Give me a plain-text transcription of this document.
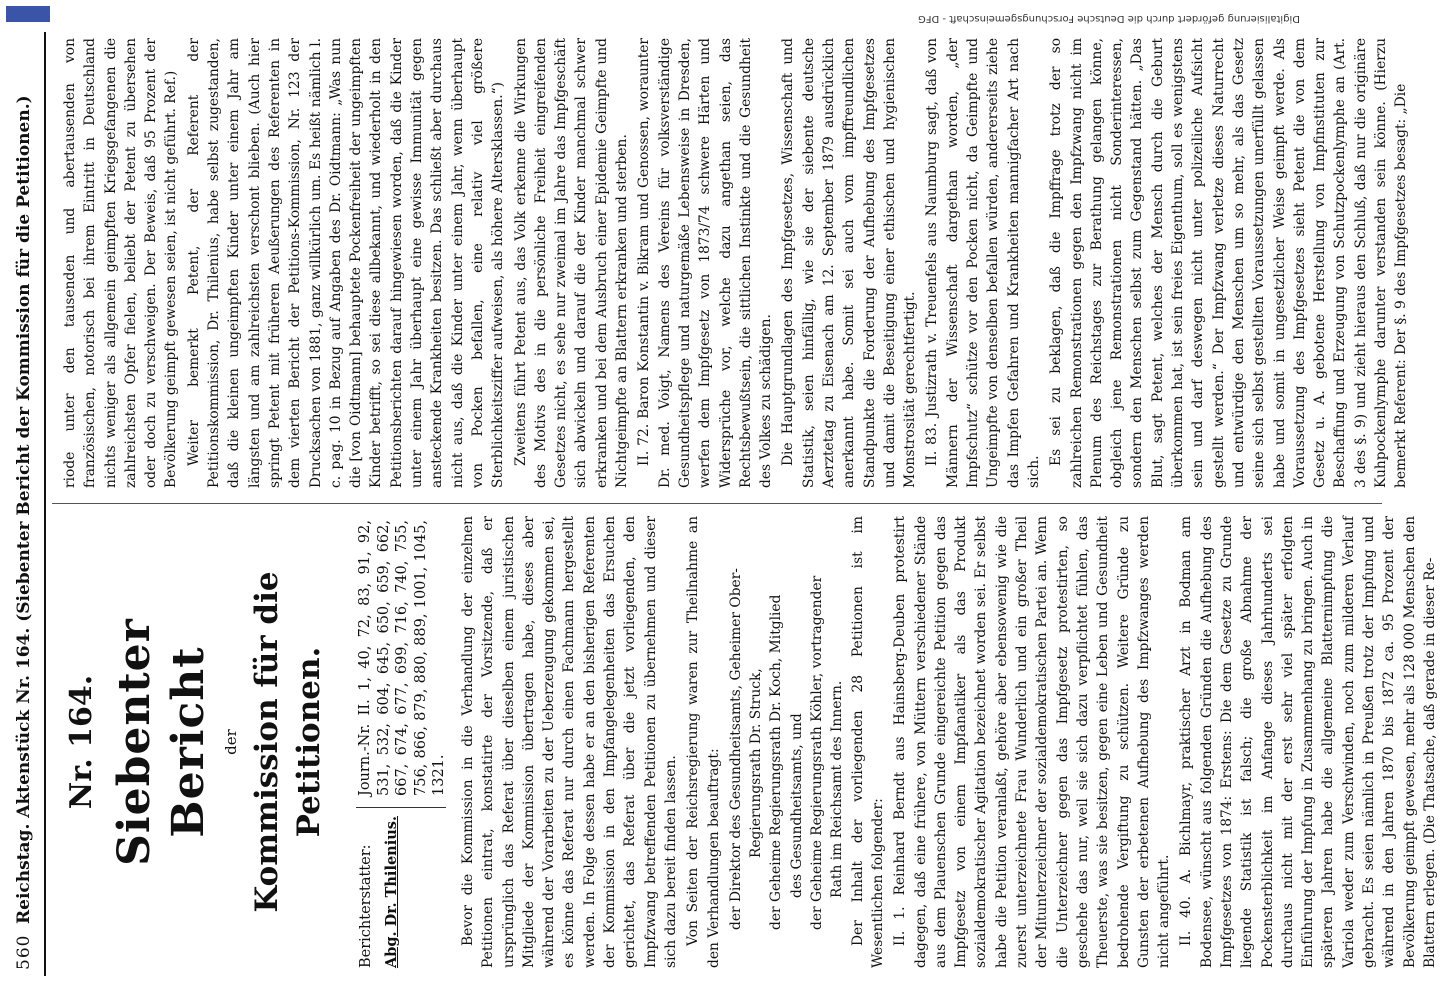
Digitalisierung gefördert durch die Deutsche Forschungsgemeinschaft - DFG
560
Reichstag. Aktenstück Nr. 164. (Siebenter Bericht der Kommission für die Petitionen.) Nr. 164. Siebenter Bericht der Kommission für die Petitionen.
Berichterstatter: Abg. Dr. Thilenius.
Journ.-Nr. II. 1, 40, 72, 83, 91, 92, 531, 532, 604, 645, 650, 659, 662, 667, 674, 677, 699, 716, 740, 755, 756, 866, 879, 880, 889, 1001, 1045, 1321. Bevor die Kommission in die Verhandlung der einzelnen Petitionen eintrat, konstatirte der Vorsitzende, daß er ursprünglich das Referat über dieselben einem juristischen Mitgliede der Kommission übertragen habe, dieses aber während der Vorarbeiten zu der Ueberzeugung gekommen sei, es könne das Referat nur durch einen Fachmann hergestellt werden. In Folge dessen habe er an den bisherigen Referenten der Kommission in den Impfangelegenheiten das Ersuchen gerichtet, das Referat über die jetzt vorliegenden, den Impfzwang betreffenden Petitionen zu übernehmen und dieser sich dazu bereit finden lassen. Von Seiten der Reichsregierung waren zur Theilnahme an den Verhandlungen beauftragt: der Direktor des Gesundheitsamts, Geheimer Ober- Regierungsrath Dr. Struck, der Geheime Regierungsrath Dr. Koch, Mitglied des Gesundheitsamts, und der Geheime Regierungsrath Köhler, vortragender Rath im Reichsamt des Innern. Der Inhalt der vorliegenden 28 Petitionen ist im Wesentlichen folgender: II. 1. Reinhard Berndt aus Hainsberg-Deuben protestirt dagegen, daß eine frühere, von Müttern verschiedener Stände aus dem Plauenschen Grunde eingereichte Petition gegen das Impfgesetz von einem Impfanatiker als das Produkt sozialdemokratischer Agitation bezeichnet worden sei. Er selbst habe die Petition veranlaßt, gehöre aber ebensowenig wie die zuerst unterzeichnete Frau Wunderlich und ein großer Theil der Mitunterzeichner der sozialdemokratischen Partei an. Wenn die Unterzeichner gegen das Impfgesetz protestirten, so geschehe das nur, weil sie sich dazu verpflichtet fühlen, das Theuerste, was sie besitzen, gegen eine Leben und Gesundheit bedrohende Vergiftung zu schützen. Weitere Gründe zu Gunsten der erbetenen Aufhebung des Impfzwanges werden nicht angeführt. II. 40. A. Bichlmayr, praktischer Arzt in Bodman am Bodensee, wünscht aus folgenden Gründen die Aufhebung des Impfgesetzes von 1874: Erstens: Die dem Gesetze zu Grunde liegende Statistik ist falsch; die große Abnahme der Pockensterblichkeit im Anfange dieses Jahrhunderts sei durchaus nicht mit der erst sehr viel später erfolgten Einführung der Impfung in Zusammenhang zu bringen. Auch in späteren Jahren habe die allgemeine Blatternimpfung die Variola weder zum Verschwinden, noch zum milderen Verlauf gebracht. Es seien nämlich in Preußen trotz der Impfung und während in den Jahren 1870 bis 1872 ca. 95 Prozent der Bevölkerung geimpft gewesen, mehr als 128 000 Menschen den Blattern erlegen. (Die Thatsache, daß gerade in dieser Re-

riode unter den tausenden und abertausenden von französischen, notorisch bei ihrem Eintritt in Deutschland nichts weniger als allgemein geimpften Kriegsgefangenen die zahlreichsten Opfer fielen, beliebt der Petent zu übersehen oder doch zu verschweigen. Der Beweis, daß 95 Prozent der Bevölkerung geimpft gewesen seien, ist nicht geführt. Ref.) Weiter bemerkt Petent, der Referent der Petitionskommission, Dr. Thilenius, habe selbst zugestanden, daß die kleinen ungeimpften Kinder unter einem Jahr am längsten und am zahlreichsten verschont blieben. (Auch hier springt Petent mit früheren Aeußerungen des Referenten in dem vierten Bericht der Petitions-Kommission, Nr. 123 der Drucksachen von 1881, ganz willkürlich um. Es heißt nämlich l. c. pag. 10 in Bezug auf Angaben des Dr. Oidtmann: „Was nun die [von Oidtmann] behauptete Pockenfreiheit der ungeimpften Kinder betrifft, so sei diese allbekannt, und wiederholt in den Petitionsberichten darauf hingewiesen worden, daß die Kinder unter einem Jahr überhaupt eine gewisse Immunität gegen ansteckende Krankheiten besitzen. Das schließt aber durchaus nicht aus, daß die Kinder unter einem Jahr, wenn überhaupt von Pocken befallen, eine relativ viel größere Sterblichkeitsziffer aufweisen, als höhere Altersklassen.“) Zweitens führt Petent aus, das Volk erkenne die Wirkungen des Motivs des in die persönliche Freiheit eingreifenden Gesetzes nicht, es sehe nur zweimal im Jahre das Impfgeschäft sich abwickeln und darauf die der Kinder manchmal schwer erkranken und bei dem Ausbruch einer Epidemie Geimpfte und Nichtgeimpfte an Blattern erkranken und sterben. II. 72. Baron Konstantin v. Bikram und Genossen, woraunter Dr. med. Voigt, Namens des Vereins für volksverständige Gesundheitspflege und naturgemäße Lebensweise in Dresden, werfen dem Impfgesetz von 1873/74 schwere Härten und Widersprüche vor, welche dazu angethan seien, das Rechtsbewußtsein, die sittlichen Instinkte und die Gesundheit des Volkes zu schädigen. Die Hauptgrundlagen des Impfgesetzes, Wissenschaft und Statistik, seien hinfällig, wie sie der siebente deutsche Aerztetag zu Eisenach am 12. September 1879 ausdrücklich anerkannt habe. Somit sei auch vom impffreundlichen Standpunkte die Forderung der Aufhebung des Impfgesetzes und damit die Beseitigung einer ethischen und hygienischen Monstrosität gerechtfertigt. II. 83. Justizrath v. Treuenfels aus Naumburg sagt, daß von Männern der Wissenschaft dargethan worden, „der Impfschutz“ schütze vor den Pocken nicht, da Geimpfte und Ungeimpfte von denselben befallen würden, andererseits ziehe das Impfen Gefahren und Krankheiten mannigfacher Art nach sich.

Es sei zu beklagen, daß die Impffrage trotz der so zahlreichen Remonstrationen gegen den Impfzwang nicht im Plenum des Reichstages zur Berathung gelangen könne, obgleich jene Remonstrationen nicht Sonderinteressen, sondern den Menschen selbst zum Gegenstand hätten. „Das Blut, sagt Petent, welches der Mensch durch die Geburt überkommen hat, ist sein freies Eigenthum, soll es wenigstens sein und darf deswegen nicht unter polizeiliche Aufsicht gestellt werden.“ Der Impfzwang verletze dieses Naturrecht und entwürdige den Menschen um so mehr, als das Gesetz seine sich selbst gestellten Voraussetzungen unerfüllt gelassen habe und somit in ungesetzlicher Weise geimpft werde. Als Voraussetzung des Impfgesetzes sieht Petent die von dem Gesetz u. A. gebotene Herstellung von Impfinstituten zur Beschaffung und Erzeugung von Schutzpockenlymphe an (Art. 3 des §. 9) und zieht hieraus den Schluß, daß nur die originäre Kuhpockenlymphe darunter verstanden sein könne. (Hierzu bemerkt Referent: Der §. 9 des Impfgesetzes besagt: „Die
